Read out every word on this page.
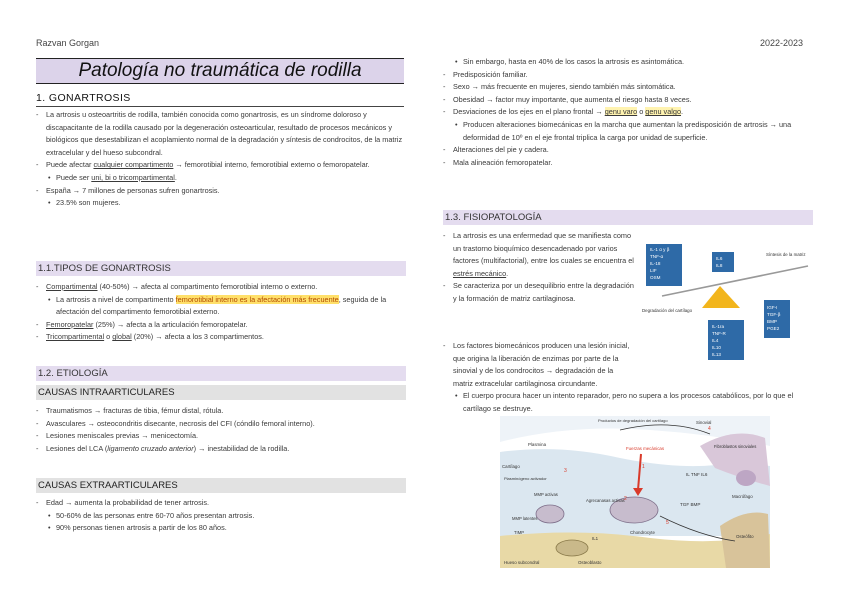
Razvan Gorgan	2022-2023
Patología no traumática de rodilla
1. GONARTROSIS
- La artrosis u osteoartritis de rodilla, también conocida como gonartrosis, es un síndrome doloroso y discapacitante de la rodilla causado por la degeneración osteoarticular, resultado de procesos mecánicos y biológicos que desestabilizan el acoplamiento normal de la degradación y síntesis de condrocitos, de la matriz extracelular y del hueso subcondral.
- Puede afectar cualquier compartimento → femorotibial interno, femorotibial externo o femoropatelar.
• Puede ser uni, bi o tricompartimental.
- España → 7 millones de personas sufren gonartrosis.
• 23.5% son mujeres.
1.1.TIPOS DE GONARTROSIS
- Compartimental (40-50%) → afecta al compartimento femorotibial interno o externo.
• La artrosis a nivel de compartimento femorotibial interno es la afectación más frecuente, seguida de la afectación del compartimento femorotibial externo.
- Femoropatelar (25%) → afecta a la articulación femoropatelar.
- Tricompartimental o global (20%) → afecta a los 3 compartimentos.
1.2. ETIOLOGÍA
CAUSAS INTRAARTICULARES
- Traumatismos → fracturas de tibia, fémur distal, rótula.
- Avasculares → osteocondritis disecante, necrosis del CFI (cóndilo femoral interno).
- Lesiones meniscales previas → menicectomía.
- Lesiones del LCA (ligamento cruzado anterior) → inestabilidad de la rodilla.
CAUSAS EXTRAARTICULARES
- Edad → aumenta la probabilidad de tener artrosis.
• 50-60% de las personas entre 60-70 años presentan artrosis.
• 90% personas tienen artrosis a partir de los 80 años.
• Sin embargo, hasta en 40% de los casos la artrosis es asintomática.
- Predisposición familiar.
- Sexo → más frecuente en mujeres, siendo también más sintomática.
- Obesidad → factor muy importante, que aumenta el riesgo hasta 8 veces.
- Desviaciones de los ejes en el plano frontal → genu varo o genu valgo.
• Producen alteraciones biomecánicas en la marcha que aumentan la predisposición de artrosis → una deformidad de 10º en el eje frontal triplica la carga por unidad de superficie.
- Alteraciones del pie y cadera.
- Mala alineación femoropatelar.
1.3. FISIOPATOLOGÍA
- La artrosis es una enfermedad que se manifiesta como un trastorno bioquímico desencadenado por varios factores (multifactorial), entre los cuales se encuentra el estrés mecánico.
- Se caracteriza por un desequilibrio entre la degradación y la formación de matriz cartilaginosa.
- Los factores biomecánicos producen una lesión inicial, que origina la liberación de enzimas por parte de la sinovial y de los condrocitos → degradación de la matriz extracelular cartilaginosa circundante.
• El cuerpo procura hacer un intento reparador, pero no supera a los procesos catabólicos, por lo que el cartílago se destruye.
IL-1 α y β
TNF-α
IL-18
LIF
OSM
IL6
IL8
Síntesis de la matriz
Degradación del cartílago
IL-1ra
TNF-R
IL4
IL10
IL13
IGF-I
TGF-β
BMP
PGE2
Productos de degradación del cartílago
Plasmina
Sinovial
Cartílago
Plasminógeno activador
MMP activas
MMP latentes
TIMP
Agrecanasas activas
Fuerzas mecánicas
IL TNF IL6
TGF BMP
IL1
Chondrocyte
Fibroblastos sinoviales
Macrófago
Osteoblasto
Osteófito
Hueso subcondral
1
2
3
4
5
